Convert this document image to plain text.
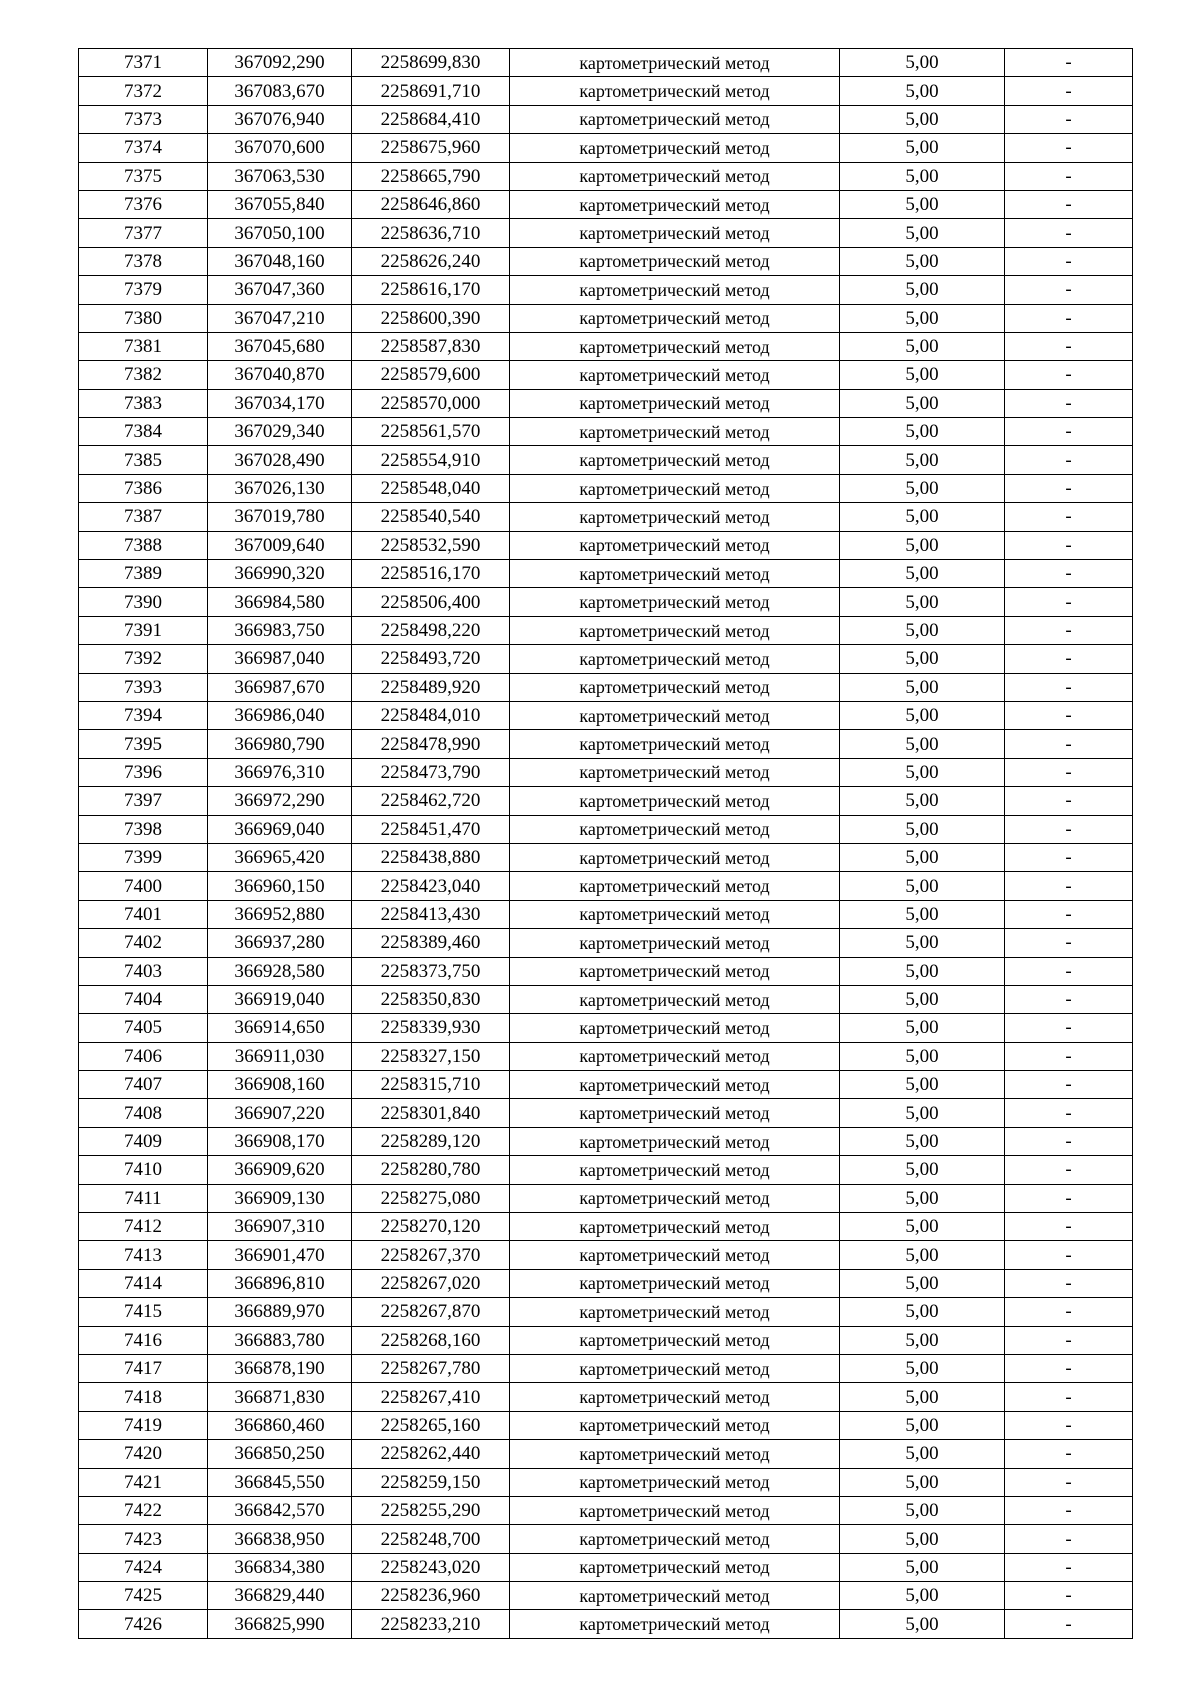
7371	367092,290	2258699,830	картометрический метод	5,00	-
7372	367083,670	2258691,710	картометрический метод	5,00	-
7373	367076,940	2258684,410	картометрический метод	5,00	-
7374	367070,600	2258675,960	картометрический метод	5,00	-
7375	367063,530	2258665,790	картометрический метод	5,00	-
7376	367055,840	2258646,860	картометрический метод	5,00	-
7377	367050,100	2258636,710	картометрический метод	5,00	-
7378	367048,160	2258626,240	картометрический метод	5,00	-
7379	367047,360	2258616,170	картометрический метод	5,00	-
7380	367047,210	2258600,390	картометрический метод	5,00	-
7381	367045,680	2258587,830	картометрический метод	5,00	-
7382	367040,870	2258579,600	картометрический метод	5,00	-
7383	367034,170	2258570,000	картометрический метод	5,00	-
7384	367029,340	2258561,570	картометрический метод	5,00	-
7385	367028,490	2258554,910	картометрический метод	5,00	-
7386	367026,130	2258548,040	картометрический метод	5,00	-
7387	367019,780	2258540,540	картометрический метод	5,00	-
7388	367009,640	2258532,590	картометрический метод	5,00	-
7389	366990,320	2258516,170	картометрический метод	5,00	-
7390	366984,580	2258506,400	картометрический метод	5,00	-
7391	366983,750	2258498,220	картометрический метод	5,00	-
7392	366987,040	2258493,720	картометрический метод	5,00	-
7393	366987,670	2258489,920	картометрический метод	5,00	-
7394	366986,040	2258484,010	картометрический метод	5,00	-
7395	366980,790	2258478,990	картометрический метод	5,00	-
7396	366976,310	2258473,790	картометрический метод	5,00	-
7397	366972,290	2258462,720	картометрический метод	5,00	-
7398	366969,040	2258451,470	картометрический метод	5,00	-
7399	366965,420	2258438,880	картометрический метод	5,00	-
7400	366960,150	2258423,040	картометрический метод	5,00	-
7401	366952,880	2258413,430	картометрический метод	5,00	-
7402	366937,280	2258389,460	картометрический метод	5,00	-
7403	366928,580	2258373,750	картометрический метод	5,00	-
7404	366919,040	2258350,830	картометрический метод	5,00	-
7405	366914,650	2258339,930	картометрический метод	5,00	-
7406	366911,030	2258327,150	картометрический метод	5,00	-
7407	366908,160	2258315,710	картометрический метод	5,00	-
7408	366907,220	2258301,840	картометрический метод	5,00	-
7409	366908,170	2258289,120	картометрический метод	5,00	-
7410	366909,620	2258280,780	картометрический метод	5,00	-
7411	366909,130	2258275,080	картометрический метод	5,00	-
7412	366907,310	2258270,120	картометрический метод	5,00	-
7413	366901,470	2258267,370	картометрический метод	5,00	-
7414	366896,810	2258267,020	картометрический метод	5,00	-
7415	366889,970	2258267,870	картометрический метод	5,00	-
7416	366883,780	2258268,160	картометрический метод	5,00	-
7417	366878,190	2258267,780	картометрический метод	5,00	-
7418	366871,830	2258267,410	картометрический метод	5,00	-
7419	366860,460	2258265,160	картометрический метод	5,00	-
7420	366850,250	2258262,440	картометрический метод	5,00	-
7421	366845,550	2258259,150	картометрический метод	5,00	-
7422	366842,570	2258255,290	картометрический метод	5,00	-
7423	366838,950	2258248,700	картометрический метод	5,00	-
7424	366834,380	2258243,020	картометрический метод	5,00	-
7425	366829,440	2258236,960	картометрический метод	5,00	-
7426	366825,990	2258233,210	картометрический метод	5,00	-
